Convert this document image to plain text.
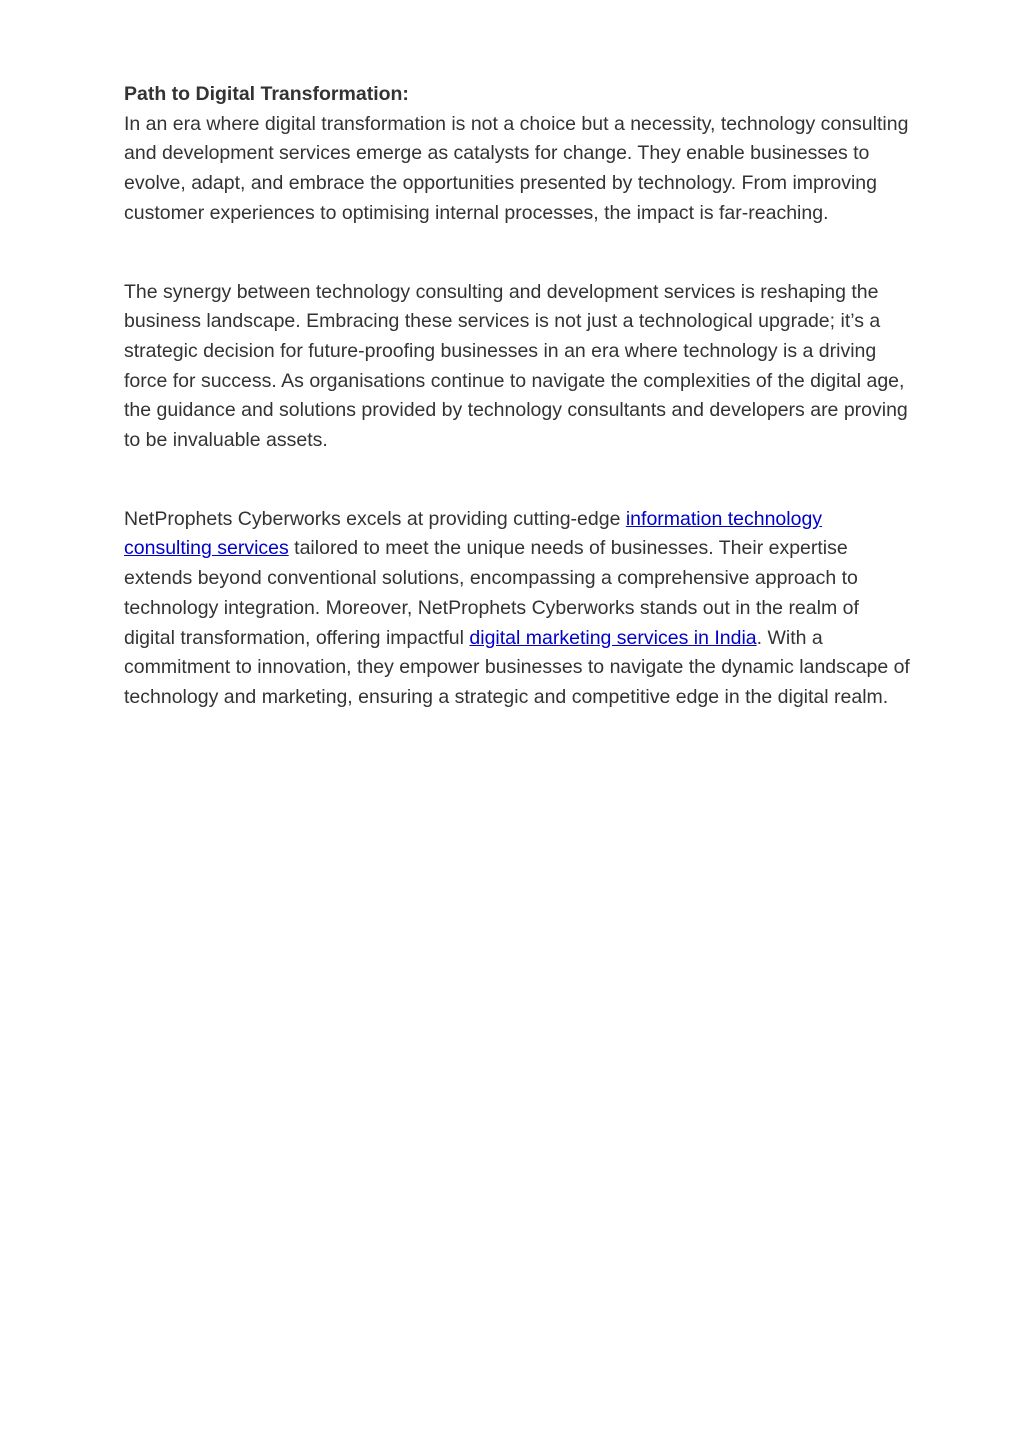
Path to Digital Transformation:

In an era where digital transformation is not a choice but a necessity, technology consulting and development services emerge as catalysts for change. They enable businesses to evolve, adapt, and embrace the opportunities presented by technology. From improving customer experiences to optimising internal processes, the impact is far-reaching.

The synergy between technology consulting and development services is reshaping the business landscape. Embracing these services is not just a technological upgrade; it’s a strategic decision for future-proofing businesses in an era where technology is a driving force for success. As organisations continue to navigate the complexities of the digital age, the guidance and solutions provided by technology consultants and developers are proving to be invaluable assets.

NetProphets Cyberworks excels at providing cutting-edge information technology consulting services tailored to meet the unique needs of businesses. Their expertise extends beyond conventional solutions, encompassing a comprehensive approach to technology integration. Moreover, NetProphets Cyberworks stands out in the realm of digital transformation, offering impactful digital marketing services in India. With a commitment to innovation, they empower businesses to navigate the dynamic landscape of technology and marketing, ensuring a strategic and competitive edge in the digital realm.
